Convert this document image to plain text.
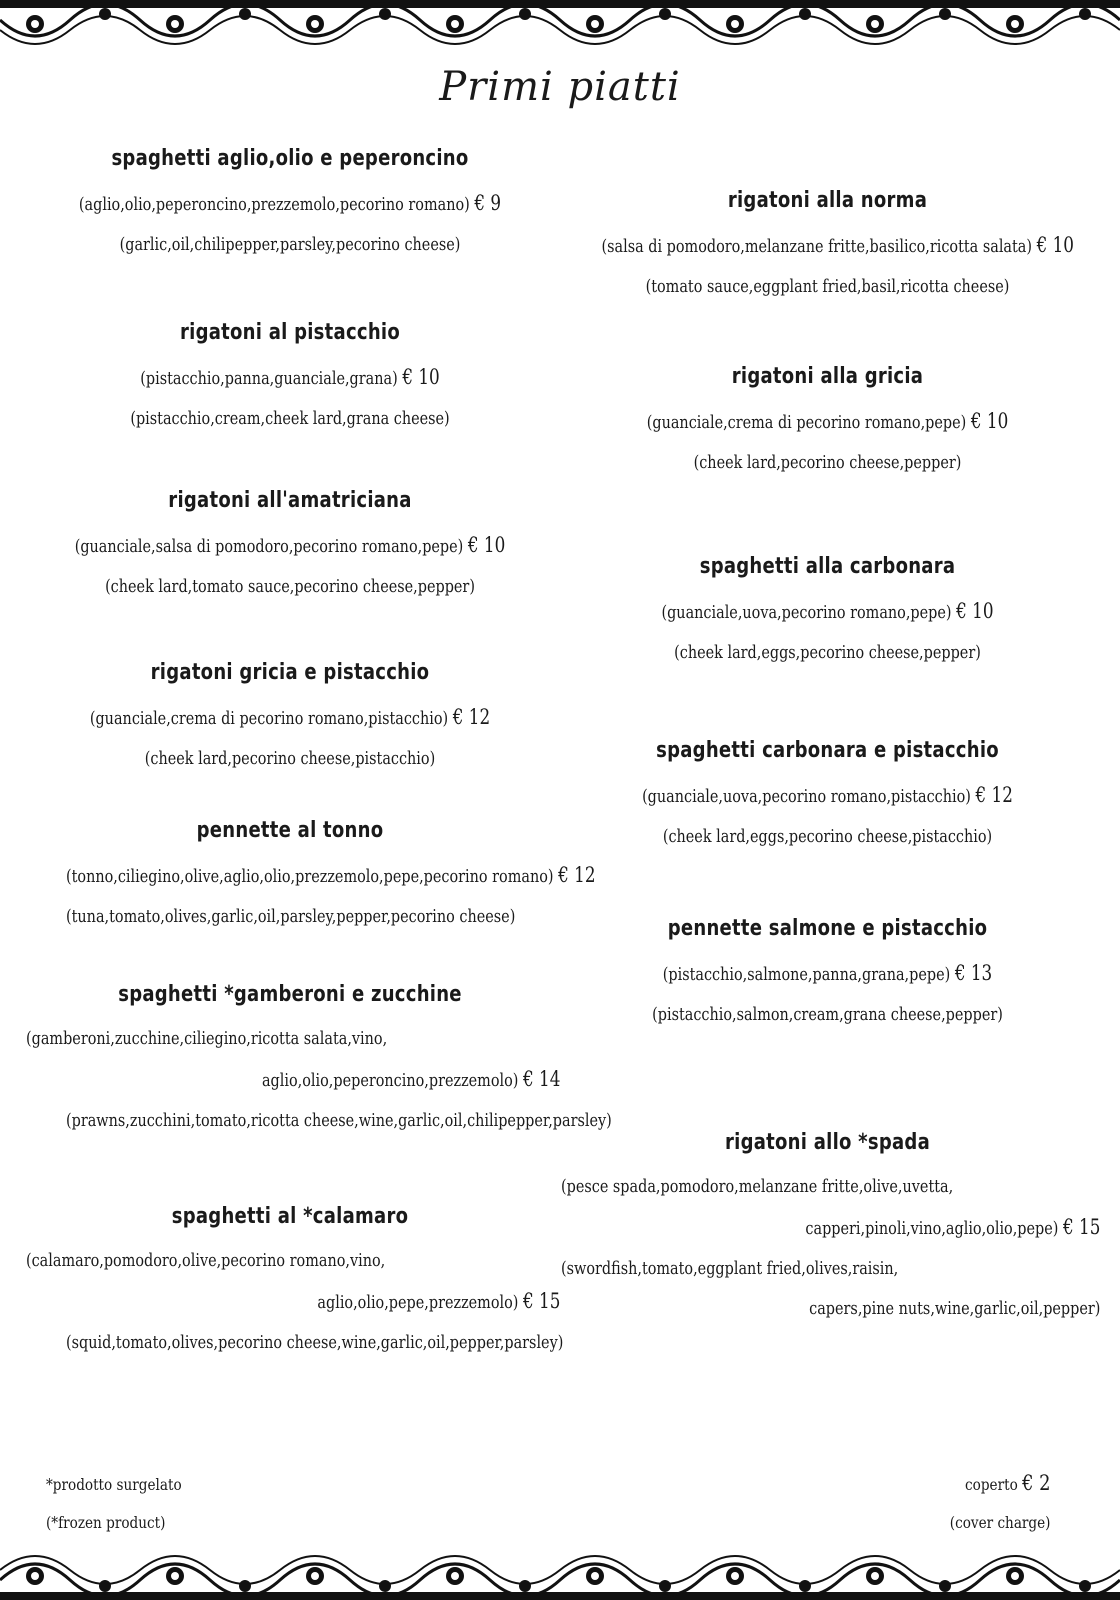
Primi piatti
spaghetti aglio,olio e peperoncino
(aglio,olio,peperoncino,prezzemolo,pecorino romano) € 9
(garlic,oil,chilipepper,parsley,pecorino cheese)
rigatoni al pistacchio
(pistacchio,panna,guanciale,grana) € 10
(pistacchio,cream,cheek lard,grana cheese)
rigatoni all'amatriciana
(guanciale,salsa di pomodoro,pecorino romano,pepe) € 10
(cheek lard,tomato sauce,pecorino cheese,pepper)
rigatoni gricia e pistacchio
(guanciale,crema di pecorino romano,pistacchio) € 12
(cheek lard,pecorino cheese,pistacchio)
pennette al tonno
(tonno,ciliegino,olive,aglio,olio,prezzemolo,pepe,pecorino romano) € 12
(tuna,tomato,olives,garlic,oil,parsley,pepper,pecorino cheese)
spaghetti *gamberoni e zucchine
(gamberoni,zucchine,ciliegino,ricotta salata,vino,
aglio,olio,peperoncino,prezzemolo) € 14
(prawns,zucchini,tomato,ricotta cheese,wine,garlic,oil,chilipepper,parsley)
spaghetti al *calamaro
(calamaro,pomodoro,olive,pecorino romano,vino,
aglio,olio,pepe,prezzemolo) € 15
(squid,tomato,olives,pecorino cheese,wine,garlic,oil,pepper,parsley)
rigatoni alla norma
(salsa di pomodoro,melanzane fritte,basilico,ricotta salata) € 10
(tomato sauce,eggplant fried,basil,ricotta cheese)
rigatoni alla gricia
(guanciale,crema di pecorino romano,pepe) € 10
(cheek lard,pecorino cheese,pepper)
spaghetti alla carbonara
(guanciale,uova,pecorino romano,pepe) € 10
(cheek lard,eggs,pecorino cheese,pepper)
spaghetti carbonara e pistacchio
(guanciale,uova,pecorino romano,pistacchio) € 12
(cheek lard,eggs,pecorino cheese,pistacchio)
pennette salmone e pistacchio
(pistacchio,salmone,panna,grana,pepe) € 13
(pistacchio,salmon,cream,grana cheese,pepper)
rigatoni allo *spada
(pesce spada,pomodoro,melanzane fritte,olive,uvetta,
capperi,pinoli,vino,aglio,olio,pepe) € 15
(swordfish,tomato,eggplant fried,olives,raisin,
capers,pine nuts,wine,garlic,oil,pepper)
*prodotto surgelato
(*frozen product)
coperto € 2
(cover charge)
